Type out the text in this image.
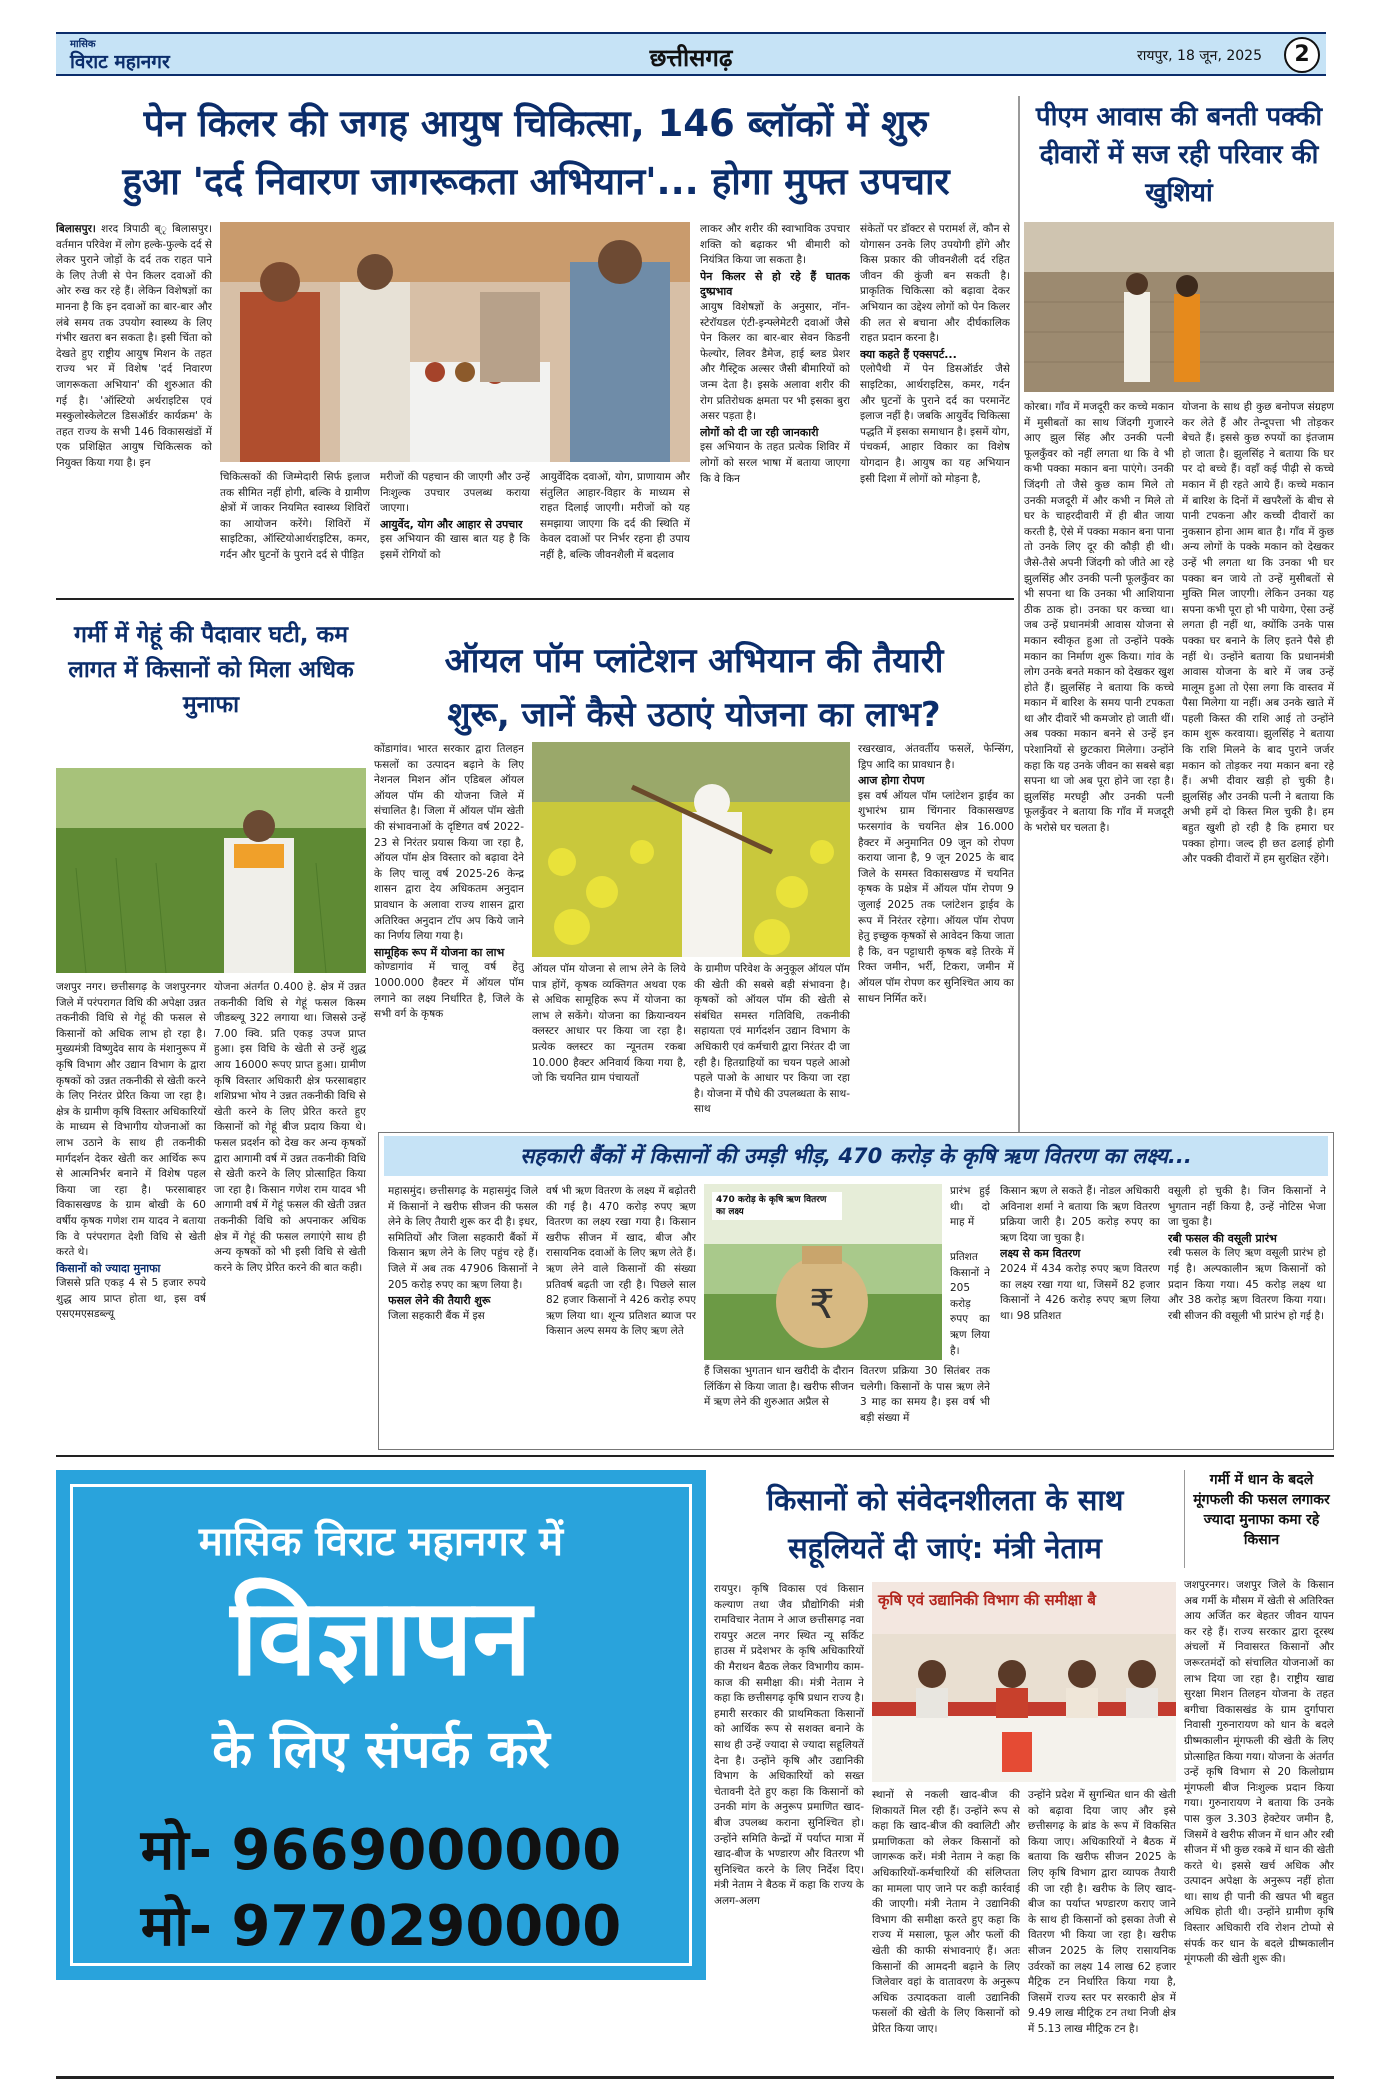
मासिक
विराट महानगर	छत्तीसगढ़	रायपुर, 18 जून, 2025	2
पेन किलर की जगह आयुष चिकित्सा, 146 ब्लॉकों में शुरु
हुआ 'दर्द निवारण जागरूकता अभियान'... होगा मुफ्त उपचार
बिलासपुर। शरद त्रिपाठी ब्ृ बिलासपुर। वर्तमान परिवेश में लोग हल्के-फुल्के दर्द से लेकर पुराने जोड़ों के दर्द तक राहत पाने के लिए तेजी से पेन किलर दवाओं की ओर रुख कर रहे हैं। लेकिन विशेषज्ञों का मानना है कि इन दवाओं का बार-बार और लंबे समय तक उपयोग स्वास्थ्य के लिए गंभीर खतरा बन सकता है। इसी चिंता को देखते हुए राष्ट्रीय आयुष मिशन के तहत राज्य भर में विशेष 'दर्द निवारण जागरूकता अभियान' की शुरुआत की गई है। 'ऑस्टियो अर्थराइटिस एवं मस्कुलोस्केलेटल डिसऑर्डर कार्यक्रम' के तहत राज्य के सभी 146 विकासखंडों में एक प्रशिक्षित आयुष चिकित्सक को नियुक्त किया गया है। इन
चिकित्सकों की जिम्मेदारी सिर्फ इलाज तक सीमित नहीं होगी, बल्कि वे ग्रामीण क्षेत्रों में जाकर नियमित स्वास्थ्य शिविरों का आयोजन करेंगे। शिविरों में साइटिका, ऑस्टियोआर्थराइटिस, कमर, गर्दन और घुटनों के पुराने दर्द से पीड़ित
मरीजों की पहचान की जाएगी और उन्हें निःशुल्क उपचार उपलब्ध कराया जाएगा।
आयुर्वेद, योग और आहार से उपचार
इस अभियान की खास बात यह है कि इसमें रोगियों को
आयुर्वेदिक दवाओं, योग, प्राणायाम और संतुलित आहार-विहार के माध्यम से राहत दिलाई जाएगी। मरीजों को यह समझाया जाएगा कि दर्द की स्थिति में केवल दवाओं पर निर्भर रहना ही उपाय नहीं है, बल्कि जीवनशैली में बदलाव
लाकर और शरीर की स्वाभाविक उपचार शक्ति को बढ़ाकर भी बीमारी को नियंत्रित किया जा सकता है।
पेन किलर से हो रहे हैं घातक दुष्प्रभाव
आयुष विशेषज्ञों के अनुसार, नॉन-स्टेरॉयडल एंटी-इन्फ्लेमेटरी दवाओं जैसे पेन किलर का बार-बार सेवन किडनी फेल्योर, लिवर डैमेज, हाई ब्लड प्रेशर और गैस्ट्रिक अल्सर जैसी बीमारियों को जन्म देता है। इसके अलावा शरीर की रोग प्रतिरोधक क्षमता पर भी इसका बुरा असर पड़ता है।
लोगों को दी जा रही जानकारी
इस अभियान के तहत प्रत्येक शिविर में लोगों को सरल भाषा में बताया जाएगा कि वे किन
संकेतों पर डॉक्टर से परामर्श लें, कौन से योगासन उनके लिए उपयोगी होंगे और किस प्रकार की जीवनशैली दर्द रहित जीवन की कुंजी बन सकती है। प्राकृतिक चिकित्सा को बढ़ावा देकर अभियान का उद्देश्य लोगों को पेन किलर की लत से बचाना और दीर्घकालिक राहत प्रदान करना है।
क्या कहते हैं एक्सपर्ट...
एलोपैथी में पेन डिसऑर्डर जैसे साइटिका, आर्थराइटिस, कमर, गर्दन और घुटनों के पुराने दर्द का परमानेंट इलाज नहीं है। जबकि आयुर्वेद चिकित्सा पद्धति में इसका समाधान है। इसमें योग, पंचकर्म, आहार विकार का विशेष योगदान है। आयुष का यह अभियान इसी दिशा में लोगों को मोड़ना है,
पीएम आवास की बनती पक्की दीवारों में सज रही परिवार की खुशियां
कोरबा। गाँव में मजदूरी कर कच्चे मकान में मुसीबतों का साथ जिंदगी गुजारने आए झुल सिंह और उनकी पत्नी फूलकुँवर को नहीं लगता था कि वे भी कभी पक्का मकान बना पाएंगे। उनकी जिंदगी तो जैसे कुछ काम मिले तो उनकी मजदूरी में और कभी न मिले तो घर के चाहरदीवारी में ही बीत जाया करती है, ऐसे में पक्का मकान बना पाना तो उनके लिए दूर की कौड़ी ही थी। जैसे-तैसे अपनी जिंदगी को जीते आ रहे झुलसिंह और उनकी पत्नी फूलकुँवर का भी सपना था कि उनका भी आशियाना ठीक ठाक हो। उनका घर कच्चा था। जब उन्हें प्रधानमंत्री आवास योजना से मकान स्वीकृत हुआ तो उन्होंने पक्के मकान का निर्माण शुरू किया। गांव के लोग उनके बनते मकान को देखकर खुश होते हैं। झुलसिंह ने बताया कि कच्चे मकान में बारिश के समय पानी टपकता था और दीवारें भी कमजोर हो जाती थीं। अब पक्का मकान बनने से उन्हें इन परेशानियों से छुटकारा मिलेगा। उन्होंने कहा कि यह उनके जीवन का सबसे बड़ा सपना था जो अब पूरा होने जा रहा है। झुलसिंह मरघट्टी और उनकी पत्नी फूलकुँवर ने बताया कि गाँव में मजदूरी के भरोसे घर चलता है।
योजना के साथ ही कुछ बनोपज संग्रहण कर लेते हैं और तेन्दूपत्ता भी तोड़कर बेचते हैं। इससे कुछ रुपयों का इंतजाम हो जाता है। झुलसिंह ने बताया कि घर पर दो बच्चे हैं। वहाँ कई पीढ़ी से कच्चे मकान में ही रहते आये हैं। कच्चे मकान में बारिश के दिनों में खपरैलों के बीच से पानी टपकना और कच्ची दीवारों का नुकसान होना आम बात है। गाँव में कुछ अन्य लोगों के पक्के मकान को देखकर उन्हें भी लगता था कि उनका भी घर पक्का बन जाये तो उन्हें मुसीबतों से मुक्ति मिल जाएगी। लेकिन उनका यह सपना कभी पूरा हो भी पायेगा, ऐसा उन्हें लगता ही नहीं था, क्योंकि उनके पास पक्का घर बनाने के लिए इतने पैसे ही नहीं थे। उन्होंने बताया कि प्रधानमंत्री आवास योजना के बारे में जब उन्हें मालूम हुआ तो ऐसा लगा कि वास्तव में पैसा मिलेगा या नहीं। अब उनके खाते में पहली किस्त की राशि आई तो उन्होंने काम शुरू करवाया। झुलसिंह ने बताया कि राशि मिलने के बाद पुराने जर्जर मकान को तोड़कर नया मकान बना रहे हैं। अभी दीवार खड़ी हो चुकी है। झुलसिंह और उनकी पत्नी ने बताया कि अभी हमें दो किस्त मिल चुकी है। हम बहुत खुशी हो रही है कि हमारा घर पक्का होगा। जल्द ही छत ढलाई होगी और पक्की दीवारों में हम सुरक्षित रहेंगे।
गर्मी में गेहूं की पैदावार घटी, कम लागत में किसानों को मिला अधिक मुनाफा
जशपुर नगर। छत्तीसगढ़ के जशपुरनगर जिले में परंपरागत विधि की अपेक्षा उन्नत तकनीकी विधि से गेहूं की फसल से किसानों को अधिक लाभ हो रहा है। मुख्यमंत्री विष्णुदेव साय के मंशानुरूप में कृषि विभाग और उद्यान विभाग के द्वारा कृषकों को उन्नत तकनीकी से खेती करने के लिए निरंतर प्रेरित किया जा रहा है। क्षेत्र के ग्रामीण कृषि विस्तार अधिकारियों के माध्यम से विभागीय योजनाओं का लाभ उठाने के साथ ही तकनीकी मार्गदर्शन देकर खेती कर आर्थिक रूप से आत्मनिर्भर बनाने में विशेष पहल किया जा रहा है। फरसाबाहर विकासखण्ड के ग्राम बोखी के 60 वर्षीय कृषक गणेश राम यादव ने बताया कि वे परंपरागत देशी विधि से खेती करते थे।
किसानों को ज्यादा मुनाफा
जिससे प्रति एकड़ 4 से 5 हजार रुपये शुद्ध आय प्राप्त होता था, इस वर्ष एसएमएसडब्ल्यू
योजना अंतर्गत 0.400 हे. क्षेत्र में उन्नत तकनीकी विधि से गेहूं फसल किस्म जीडब्ल्यू 322 लगाया था। जिससे उन्हें 7.00 क्वि. प्रति एकड़ उपज प्राप्त हुआ। इस विधि के खेती से उन्हें शुद्ध आय 16000 रूपए प्राप्त हुआ। ग्रामीण कृषि विस्तार अधिकारी क्षेत्र फरसाबहार शशिप्रभा भोय ने उन्नत तकनीकी विधि से खेती करने के लिए प्रेरित करते हुए किसानों को गेहूं बीज प्रदाय किया थे। फसल प्रदर्शन को देख कर अन्य कृषकों द्वारा आगामी वर्ष में उन्नत तकनीकी विधि से खेती करने के लिए प्रोत्साहित किया जा रहा है। किसान गणेश राम यादव भी आगामी वर्ष में गेहूं फसल की खेती उन्नत तकनीकी विधि को अपनाकर अधिक क्षेत्र में गेहूं की फसल लगाएंगे साथ ही अन्य कृषकों को भी इसी विधि से खेती करने के लिए प्रेरित करने की बात कही।
ऑयल पॉम प्लांटेशन अभियान की तैयारी
शुरू, जानें कैसे उठाएं योजना का लाभ?
कोंडागांव। भारत सरकार द्वारा तिलहन फसलों का उत्पादन बढ़ाने के लिए नेशनल मिशन ऑन एडिबल ऑयल ऑयल पॉम की योजना जिले में संचालित है। जिला में ऑयल पॉम खेती की संभावनाओं के दृष्टिगत वर्ष 2022-23 से निरंतर प्रयास किया जा रहा है, ऑयल पॉम क्षेत्र विस्तार को बढ़ावा देने के लिए चालू वर्ष 2025-26 केन्द्र शासन द्वारा देय अधिकतम अनुदान प्रावधान के अलावा राज्य शासन द्वारा अतिरिक्त अनुदान टॉप अप किये जाने का निर्णय लिया गया है।
सामूहिक रूप में योजना का लाभ
कोण्डागांव में चालू वर्ष हेतु 1000.000 हैक्टर में ऑयल पॉम लगाने का लक्ष्य निर्धारित है, जिले के सभी वर्ग के कृषक
ऑयल पॉम योजना से लाभ लेने के लिये पात्र होंगें, कृषक व्यक्तिगत अथवा एक से अधिक सामूहिक रूप में योजना का लाभ ले सकेंगे। योजना का क्रियान्वयन क्लस्टर आधार पर किया जा रहा है। प्रत्येक क्लस्टर का न्यूनतम रकबा 10.000 हैक्टर अनिवार्य किया गया है, जो कि चयनित ग्राम पंचायतों
के ग्रामीण परिवेश के अनुकूल ऑयल पॉम की खेती की सबसे बड़ी संभावना है। कृषकों को ऑयल पॉम की खेती से संबंधित समस्त गतिविधि, तकनीकी सहायता एवं मार्गदर्शन उद्यान विभाग के अधिकारी एवं कर्मचारी द्वारा निरंतर दी जा रही है। हितग्राहियों का चयन पहले आओ पहले पाओ के आधार पर किया जा रहा है। योजना में पौधे की उपलब्धता के साथ-साथ
रखरखाव, अंतवर्तीय फसलें, फेन्सिंग, ड्रिप आदि का प्रावधान है।
आज होगा रोपण
इस वर्ष ऑयल पॉम प्लांटेशन ड्राईव का शुभारंभ ग्राम चिंगनार विकासखण्ड फरसगांव के चयनित क्षेत्र 16.000 हैक्टर में अनुमानित 09 जून को रोपण कराया जाना है, 9 जून 2025 के बाद जिले के समस्त विकासखण्ड में चयनित कृषक के प्रक्षेत्र में ऑयल पॉम रोपण 9 जुलाई 2025 तक प्लांटेशन ड्राईव के रूप में निरंतर रहेगा। ऑयल पॉम रोपण हेतु इच्छुक कृषकों से आवेदन किया जाता है कि, वन पट्टाधारी कृषक बड़े तिरके में रिक्त जमीन, भर्री, टिकरा, जमीन में ऑयल पॉम रोपण कर सुनिश्चित आय का साधन निर्मित करें।
सहकारी बैंकों में किसानों की उमड़ी भीड़, 470 करोड़ के कृषि ऋण वितरण का लक्ष्य...
महासमुंद। छत्तीसगढ़ के महासमुंद जिले में किसानों ने खरीफ सीजन की फसल लेने के लिए तैयारी शुरू कर दी है। इधर, समितियों और जिला सहकारी बैंकों में किसान ऋण लेने के लिए पहुंच रहे हैं। जिले में अब तक 47906 किसानों ने 205 करोड़ रुपए का ऋण लिया है।
फसल लेने की तैयारी शुरू
जिला सहकारी बैंक में इस
वर्ष भी ऋण वितरण के लक्ष्य में बढ़ोतरी की गई है। 470 करोड़ रुपए ऋण वितरण का लक्ष्य रखा गया है। किसान खरीफ सीजन में खाद, बीज और रासायनिक दवाओं के लिए ऋण लेते हैं। ऋण लेने वाले किसानों की संख्या प्रतिवर्ष बढ़ती जा रही है। पिछले साल 82 हजार किसानों ने 426 करोड़ रुपए ऋण लिया था। शून्य प्रतिशत ब्याज पर किसान अल्प समय के लिए ऋण लेते
₹
470 करोड़ के कृषि ऋण वितरण का लक्ष्य
प्रारंभ हुई थी। दो माह में
प्रतिशत किसानों ने 205 करोड़ रुपए का ऋण लिया है।
हैं जिसका भुगतान धान खरीदी के दौरान लिंकिंग से किया जाता है। खरीफ सीजन में ऋण लेने की शुरुआत अप्रैल से
वितरण प्रक्रिया 30 सितंबर तक चलेगी। किसानों के पास ऋण लेने 3 माह का समय है। इस वर्ष भी बड़ी संख्या में
किसान ऋण ले सकते हैं। नोडल अधिकारी अविनाश शर्मा ने बताया कि ऋण वितरण प्रक्रिया जारी है। 205 करोड़ रुपए का ऋण दिया जा चुका है।
लक्ष्य से कम वितरण
2024 में 434 करोड़ रुपए ऋण वितरण का लक्ष्य रखा गया था, जिसमें 82 हजार किसानों ने 426 करोड़ रुपए ऋण लिया था। 98 प्रतिशत
वसूली हो चुकी है। जिन किसानों ने भुगतान नहीं किया है, उन्हें नोटिस भेजा जा चुका है।
रबी फसल की वसूली प्रारंभ
रबी फसल के लिए ऋण वसूली प्रारंभ हो गई है। अल्पकालीन ऋण किसानों को प्रदान किया गया। 45 करोड़ लक्ष्य था और 38 करोड़ ऋण वितरण किया गया। रबी सीजन की वसूली भी प्रारंभ हो गई है।
मासिक विराट महानगर में
विज्ञापन
के लिए संपर्क करे
मो- 9669000000
मो- 9770290000
किसानों को संवेदनशीलता के साथ
सहूलियतें दी जाएं: मंत्री नेताम
रायपुर। कृषि विकास एवं किसान कल्याण तथा जैव प्रौद्योगिकी मंत्री रामविचार नेताम ने आज छत्तीसगढ़ नवा रायपुर अटल नगर स्थित न्यू सर्किट हाउस में प्रदेशभर के कृषि अधिकारियों की मैराथन बैठक लेकर विभागीय काम-काज की समीक्षा की। मंत्री नेताम ने कहा कि छत्तीसगढ़ कृषि प्रधान राज्य है। हमारी सरकार की प्राथमिकता किसानों को आर्थिक रूप से सशक्त बनाने के साथ ही उन्हें ज्यादा से ज्यादा सहूलियतें देना है। उन्होंने कृषि और उद्यानिकी विभाग के अधिकारियों को सख्त चेतावनी देते हुए कहा कि किसानों को उनकी मांग के अनुरूप प्रमाणित खाद-बीज उपलब्ध कराना सुनिश्चित हो। उन्होंने समिति केन्द्रों में पर्याप्त मात्रा में खाद-बीज के भण्डारण और वितरण भी सुनिश्चित करने के लिए निर्देश दिए। मंत्री नेताम ने बैठक में कहा कि राज्य के अलग-अलग
कृषि एवं उद्यानिकी विभाग की समीक्षा बै
स्थानों से नकली खाद-बीज की शिकायतें मिल रही हैं। उन्होंने रूप से कहा कि खाद-बीज की क्वालिटी और प्रमाणिकता को लेकर किसानों को जागरूक करें। मंत्री नेताम ने कहा कि अधिकारियों-कर्मचारियों की संलिप्तता का मामला पाए जाने पर कड़ी कार्रवाई की जाएगी। मंत्री नेताम ने उद्यानिकी विभाग की समीक्षा करते हुए कहा कि राज्य में मसाला, फूल और फलों की खेती की काफी संभावनाएं हैं। अतः किसानों की आमदनी बढ़ाने के लिए जिलेवार वहां के वातावरण के अनुरूप अधिक उत्पादकता वाली उद्यानिकी फसलों की खेती के लिए किसानों को प्रेरित किया जाए।
उन्होंने प्रदेश में सुगन्धित धान की खेती को बढ़ावा दिया जाए और इसे छत्तीसगढ़ के ब्रांड के रूप में विकसित किया जाए। अधिकारियों ने बैठक में बताया कि खरीफ सीजन 2025 के लिए कृषि विभाग द्वारा व्यापक तैयारी की जा रही है। खरीफ के लिए खाद-बीज का पर्याप्त भण्डारण कराए जाने के साथ ही किसानों को इसका तेजी से वितरण भी किया जा रहा है। खरीफ सीजन 2025 के लिए रासायनिक उर्वरकों का लक्ष्य 14 लाख 62 हजार मैट्रिक टन निर्धारित किया गया है, जिसमें राज्य स्तर पर सरकारी क्षेत्र में 9.49 लाख मीट्रिक टन तथा निजी क्षेत्र में 5.13 लाख मीट्रिक टन है।
गर्मी में धान के बदले मूंगफली की फसल लगाकर ज्यादा मुनाफा कमा रहे किसान
जशपुरनगर। जशपुर जिले के किसान अब गर्मी के मौसम में खेती से अतिरिक्त आय अर्जित कर बेहतर जीवन यापन कर रहे हैं। राज्य सरकार द्वारा दूरस्थ अंचलों में निवासरत किसानों और जरूरतमंदों को संचालित योजनाओं का लाभ दिया जा रहा है। राष्ट्रीय खाद्य सुरक्षा मिशन तिलहन योजना के तहत बगीचा विकासखंड के ग्राम दुर्गापारा निवासी गुरुनारायण को धान के बदले ग्रीष्मकालीन मूंगफली की खेती के लिए प्रोत्साहित किया गया। योजना के अंतर्गत उन्हें कृषि विभाग से 20 किलोग्राम मूंगफली बीज निःशुल्क प्रदान किया गया। गुरुनारायण ने बताया कि उनके पास कुल 3.303 हेक्टेयर जमीन है, जिसमें वे खरीफ सीजन में धान और रबी सीजन में भी कुछ रकबे में धान की खेती करते थे। इससे खर्च अधिक और उत्पादन अपेक्षा के अनुरूप नहीं होता था। साथ ही पानी की खपत भी बहुत अधिक होती थी। उन्होंने ग्रामीण कृषि विस्तार अधिकारी रवि रोशन टोप्पो से संपर्क कर धान के बदले ग्रीष्मकालीन मूंगफली की खेती शुरू की।
